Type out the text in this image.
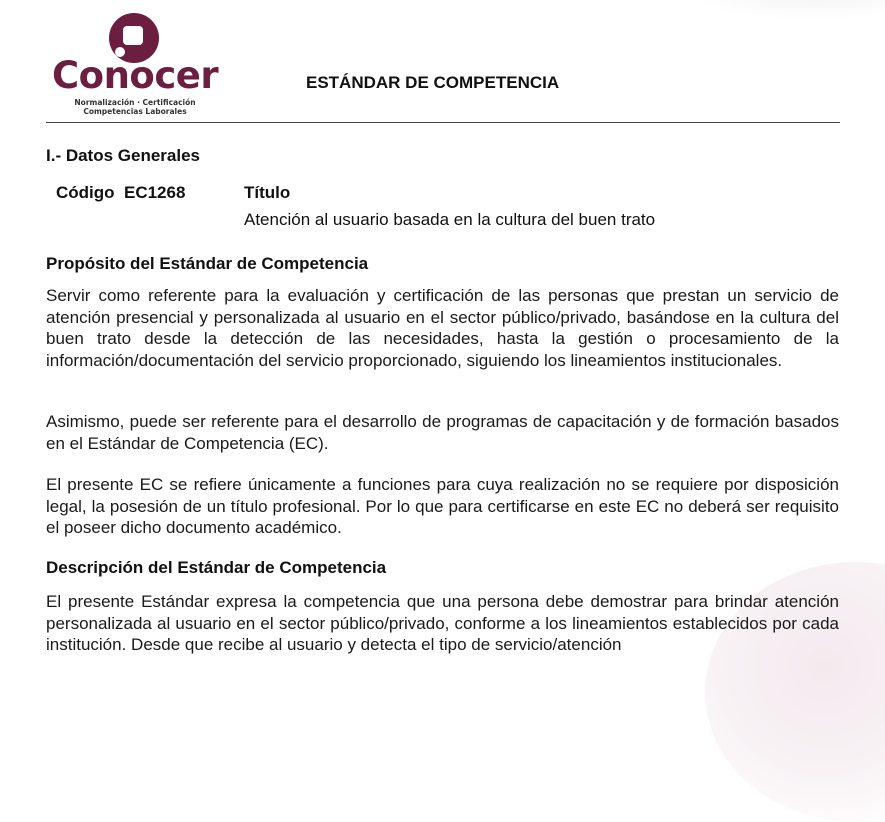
Conocer
Normalización · Certificación
Competencias Laborales
ESTÁNDAR DE COMPETENCIA
I.- Datos Generales
Código  EC1268	Título
Atención al usuario basada en la cultura del buen trato
Propósito del Estándar de Competencia

Servir como referente para la evaluación y certificación de las personas que prestan un servicio de atención presencial y personalizada al usuario en el sector público/privado, basándose en la cultura del buen trato desde la detección de las necesidades, hasta la gestión o procesamiento de la información/documentación del servicio proporcionado, siguiendo los lineamientos institucionales.

Asimismo, puede ser referente para el desarrollo de programas de capacitación y de formación basados en el Estándar de Competencia (EC).

El presente EC se refiere únicamente a funciones para cuya realización no se requiere por disposición legal, la posesión de un título profesional. Por lo que para certificarse en este EC no deberá ser requisito el poseer dicho documento académico.

Descripción del Estándar de Competencia

El presente Estándar expresa la competencia que una persona debe demostrar para brindar atención personalizada al usuario en el sector público/privado, conforme a los lineamientos establecidos por cada institución. Desde que recibe al usuario y detecta el tipo de servicio/atención
